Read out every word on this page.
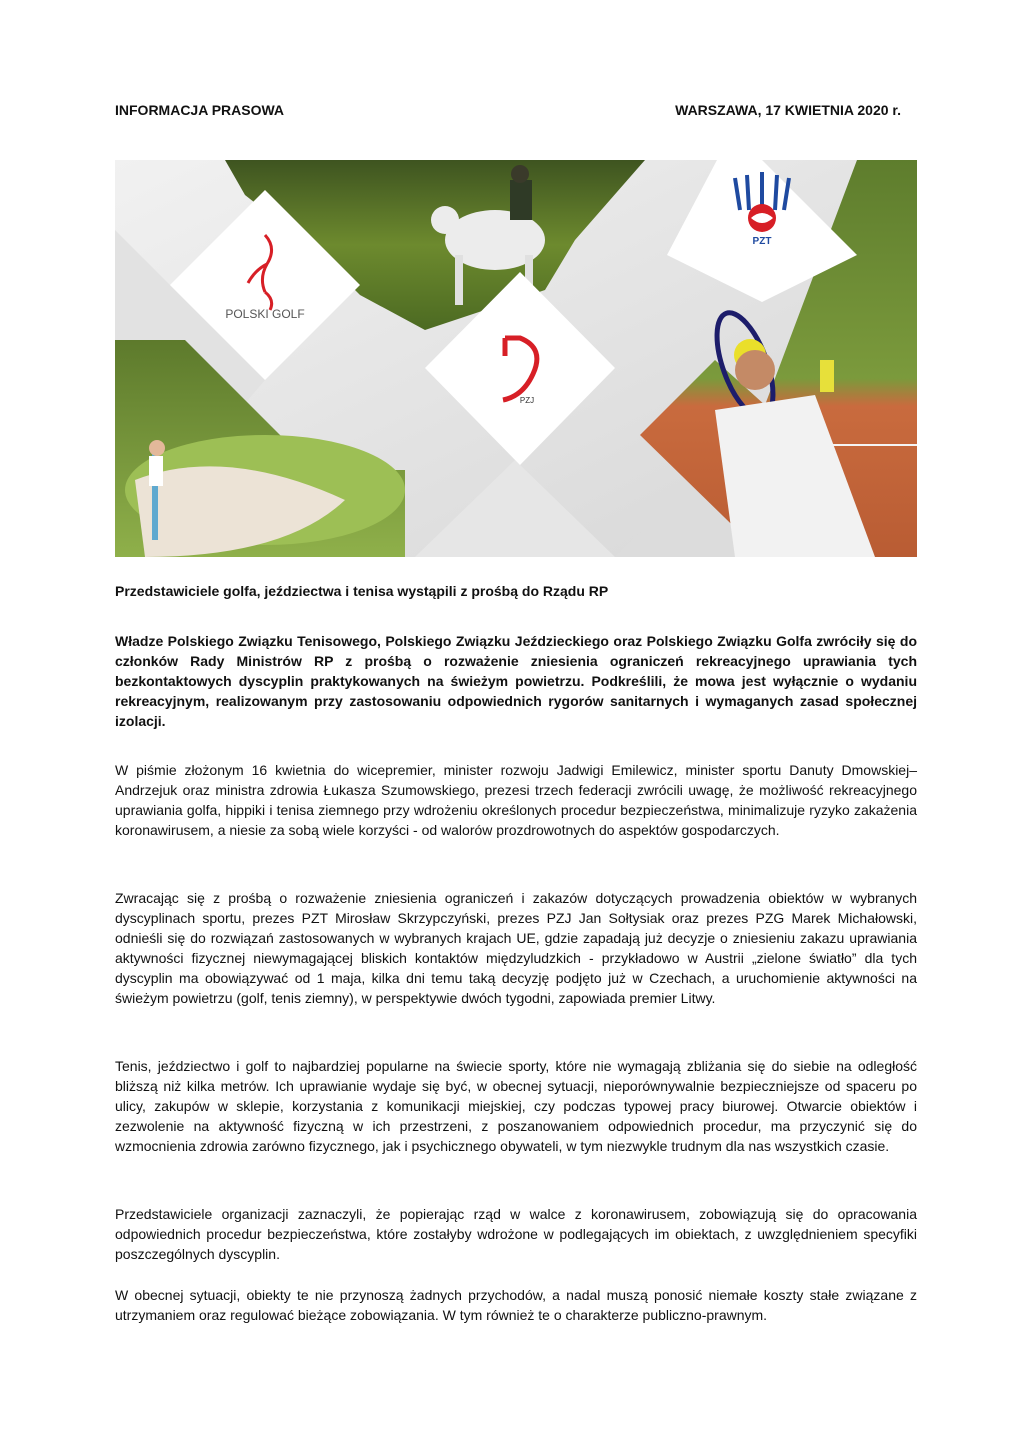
INFORMACJA PRASOWA	WARSZAWA, 17 KWIETNIA 2020 r.
POLSKI GOLF
PZJ
PZT
Przedstawiciele golfa, jeździectwa i tenisa wystąpili z prośbą do Rządu RP

Władze Polskiego Związku Tenisowego, Polskiego Związku Jeździeckiego oraz Polskiego Związku Golfa zwróciły się do członków Rady Ministrów RP z prośbą o rozważenie zniesienia ograniczeń rekreacyjnego uprawiania tych bezkontaktowych dyscyplin praktykowanych na świeżym powietrzu. Podkreślili, że mowa jest wyłącznie o wydaniu rekreacyjnym, realizowanym przy zastosowaniu odpowiednich rygorów sanitarnych i wymaganych zasad społecznej izolacji.

W piśmie złożonym 16 kwietnia do wicepremier, minister rozwoju Jadwigi Emilewicz, minister sportu Danuty Dmowskiej–Andrzejuk oraz ministra zdrowia Łukasza Szumowskiego, prezesi trzech federacji zwrócili uwagę, że możliwość rekreacyjnego uprawiania golfa, hippiki i tenisa ziemnego przy wdrożeniu określonych procedur bezpieczeństwa, minimalizuje ryzyko zakażenia koronawirusem, a niesie za sobą wiele korzyści - od walorów prozdrowotnych do aspektów gospodarczych.

Zwracając się z prośbą o rozważenie zniesienia ograniczeń i zakazów dotyczących prowadzenia obiektów w wybranych dyscyplinach sportu, prezes PZT Mirosław Skrzypczyński, prezes PZJ Jan Sołtysiak oraz prezes PZG Marek Michałowski, odnieśli się do rozwiązań zastosowanych w wybranych krajach UE, gdzie zapadają już decyzje o zniesieniu zakazu uprawiania aktywności fizycznej niewymagającej bliskich kontaktów międzyludzkich - przykładowo w Austrii „zielone światło” dla tych dyscyplin ma obowiązywać od 1 maja, kilka dni temu taką decyzję podjęto już w Czechach, a uruchomienie aktywności na świeżym powietrzu (golf, tenis ziemny), w perspektywie dwóch tygodni, zapowiada premier Litwy.

Tenis, jeździectwo i golf to najbardziej popularne na świecie sporty, które nie wymagają zbliżania się do siebie na odległość bliższą niż kilka metrów. Ich uprawianie wydaje się być, w obecnej sytuacji, nieporównywalnie bezpieczniejsze od spaceru po ulicy, zakupów w sklepie, korzystania z komunikacji miejskiej, czy podczas typowej pracy biurowej. Otwarcie obiektów i zezwolenie na aktywność fizyczną w ich przestrzeni, z poszanowaniem odpowiednich procedur, ma przyczynić się do wzmocnienia zdrowia zarówno fizycznego, jak i psychicznego obywateli, w tym niezwykle trudnym dla nas wszystkich czasie.

Przedstawiciele organizacji zaznaczyli, że popierając rząd w walce z koronawirusem, zobowiązują się do opracowania odpowiednich procedur bezpieczeństwa, które zostałyby wdrożone w podlegających im obiektach, z uwzględnieniem specyfiki poszczególnych dyscyplin.

W obecnej sytuacji, obiekty te nie przynoszą żadnych przychodów, a nadal muszą ponosić niemałe koszty stałe związane z utrzymaniem oraz regulować bieżące zobowiązania. W tym również te o charakterze publiczno-prawnym.
